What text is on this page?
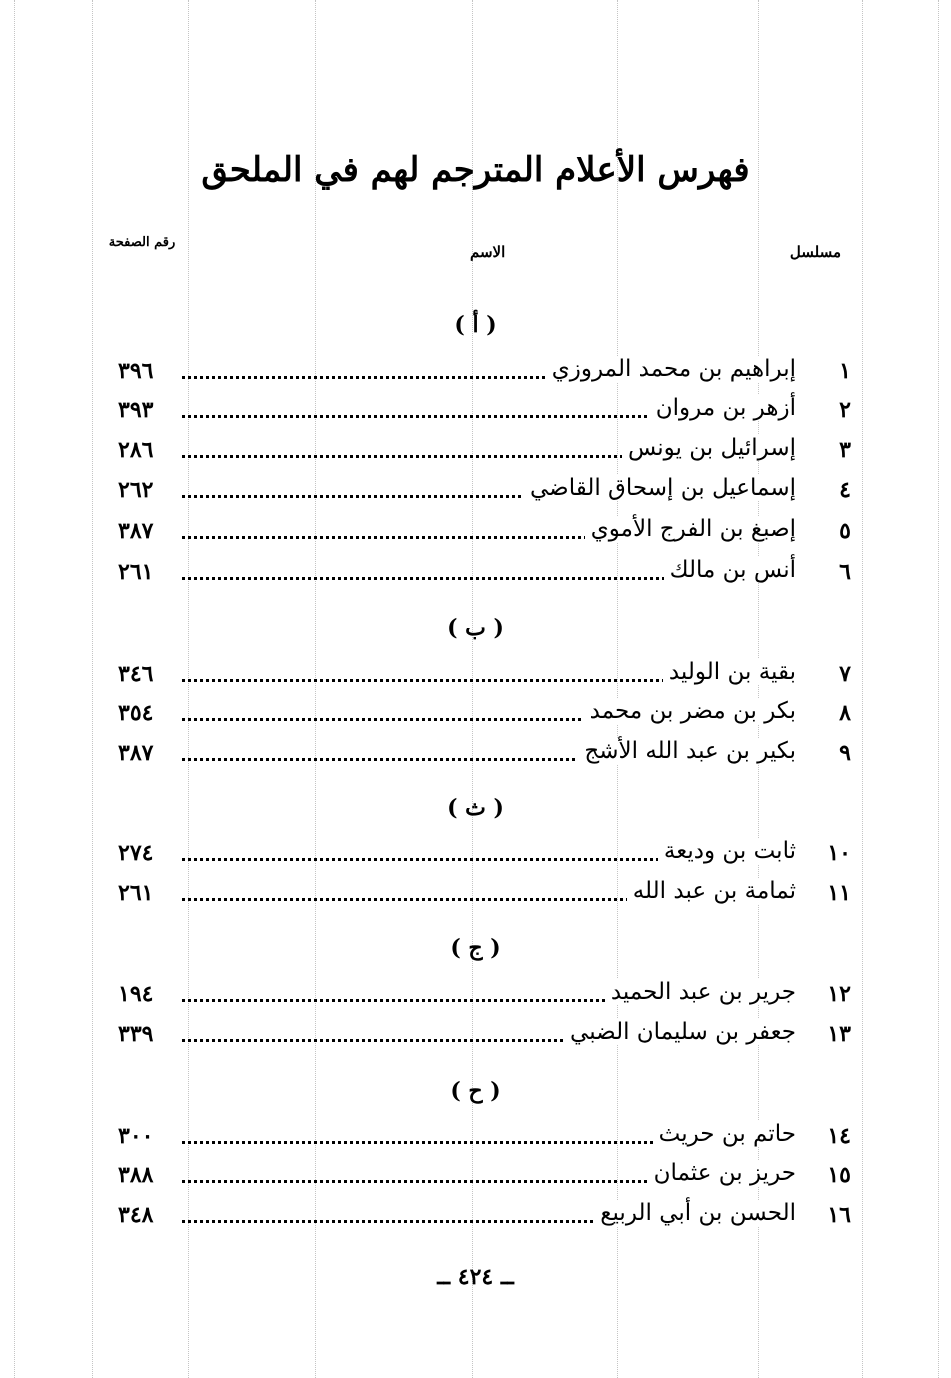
فهرس الأعلام المترجم لهم في الملحق
مسلسل
الاسم
رقم الصفحة
( أ )
١
إبراهيم بن محمد المروزي
٣٩٦
٢
أزهر بن مروان
٣٩٣
٣
إسرائيل بن يونس
٢٨٦
٤
إسماعيل بن إسحاق القاضي
٢٦٢
٥
إصبغ بن الفرج الأموي
٣٨٧
٦
أنس بن مالك
٢٦١
( ب )
٧
بقية بن الوليد
٣٤٦
٨
بكر بن مضر بن محمد
٣٥٤
٩
بكير بن عبد الله الأشج
٣٨٧
( ث )
١٠
ثابت بن وديعة
٢٧٤
١١
ثمامة بن عبد الله
٢٦١
( ج )
١٢
جرير بن عبد الحميد
١٩٤
١٣
جعفر بن سليمان الضبي
٣٣٩
( ح )
١٤
حاتم بن حريث
٣٠٠
١٥
حريز بن عثمان
٣٨٨
١٦
الحسن بن أبي الربيع
٣٤٨
ــ ٤٢٤ ــ
